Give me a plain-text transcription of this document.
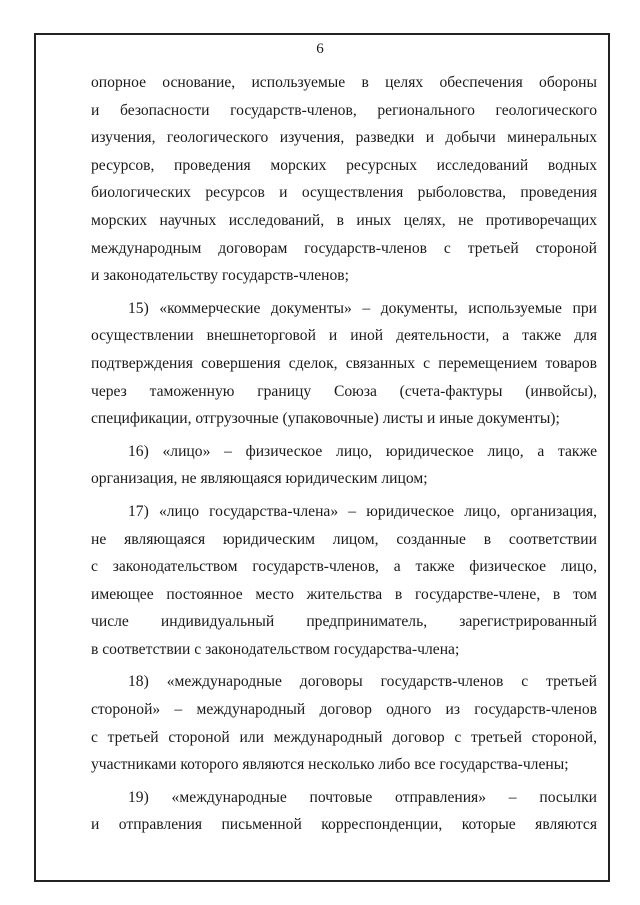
6
опорное основание, используемые в целях обеспечения обороны
и безопасности государств-членов, регионального геологического
изучения, геологического изучения, разведки и добычи минеральных
ресурсов, проведения морских ресурсных исследований водных
биологических ресурсов и осуществления рыболовства, проведения
морских научных исследований, в иных целях, не противоречащих
международным договорам государств-членов с третьей стороной
и законодательству государств-членов;
15) «коммерческие документы» – документы, используемые при
осуществлении внешнеторговой и иной деятельности, а также для
подтверждения совершения сделок, связанных с перемещением товаров
через таможенную границу Союза (счета-фактуры (инвойсы),
спецификации, отгрузочные (упаковочные) листы и иные документы);
16) «лицо» – физическое лицо, юридическое лицо, а также
организация, не являющаяся юридическим лицом;
17) «лицо государства-члена» – юридическое лицо, организация,
не являющаяся юридическим лицом, созданные в соответствии
с законодательством государств-членов, а также физическое лицо,
имеющее постоянное место жительства в государстве-члене, в том
числе индивидуальный предприниматель, зарегистрированный
в соответствии с законодательством государства-члена;
18) «международные договоры государств-членов с третьей
стороной» – международный договор одного из государств-членов
с третьей стороной или международный договор с третьей стороной,
участниками которого являются несколько либо все государства-члены;
19) «международные почтовые отправления» – посылки
и отправления письменной корреспонденции, которые являются
